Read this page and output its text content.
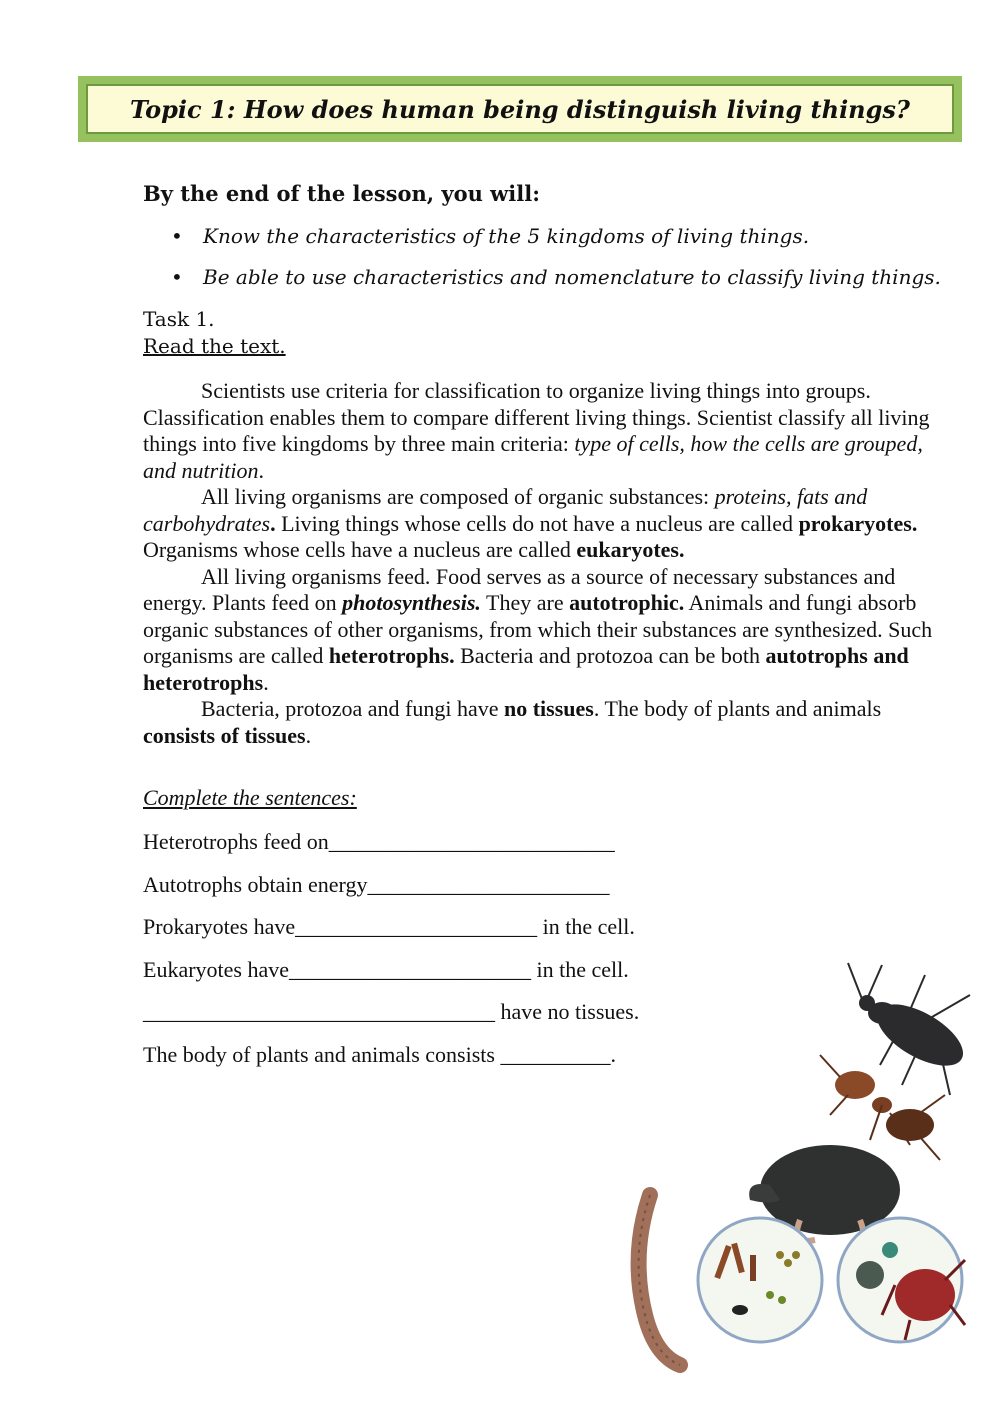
Topic 1: How does human being distinguish living things?
By the end of the lesson, you will:
• Know the characteristics of the 5 kingdoms of living things.
• Be able to use characteristics and nomenclature to classify living things.
Task 1.
Read the text.

Scientists use criteria for classification to organize living things into groups. Classification enables them to compare different living things. Scientist classify all living things into five kingdoms by three main criteria: type of cells, how the cells are grouped, and nutrition.

All living organisms are composed of organic substances: proteins, fats and carbohydrates. Living things whose cells do not have a nucleus are called prokaryotes. Organisms whose cells have a nucleus are called eukaryotes.

All living organisms feed. Food serves as a source of necessary substances and energy. Plants feed on photosynthesis. They are autotrophic. Animals and fungi absorb organic substances of other organisms, from which their substances are synthesized. Such organisms are called heterotrophs. Bacteria and protozoa can be both autotrophs and heterotrophs.

Bacteria, protozoa and fungi have no tissues. The body of plants and animals consists of tissues.

Complete the sentences:
Heterotrophs feed on__________________________
Autotrophs obtain energy______________________
Prokaryotes have______________________ in the cell.
Eukaryotes have______________________ in the cell.
________________________________ have no tissues.
The body of plants and animals consists __________.
